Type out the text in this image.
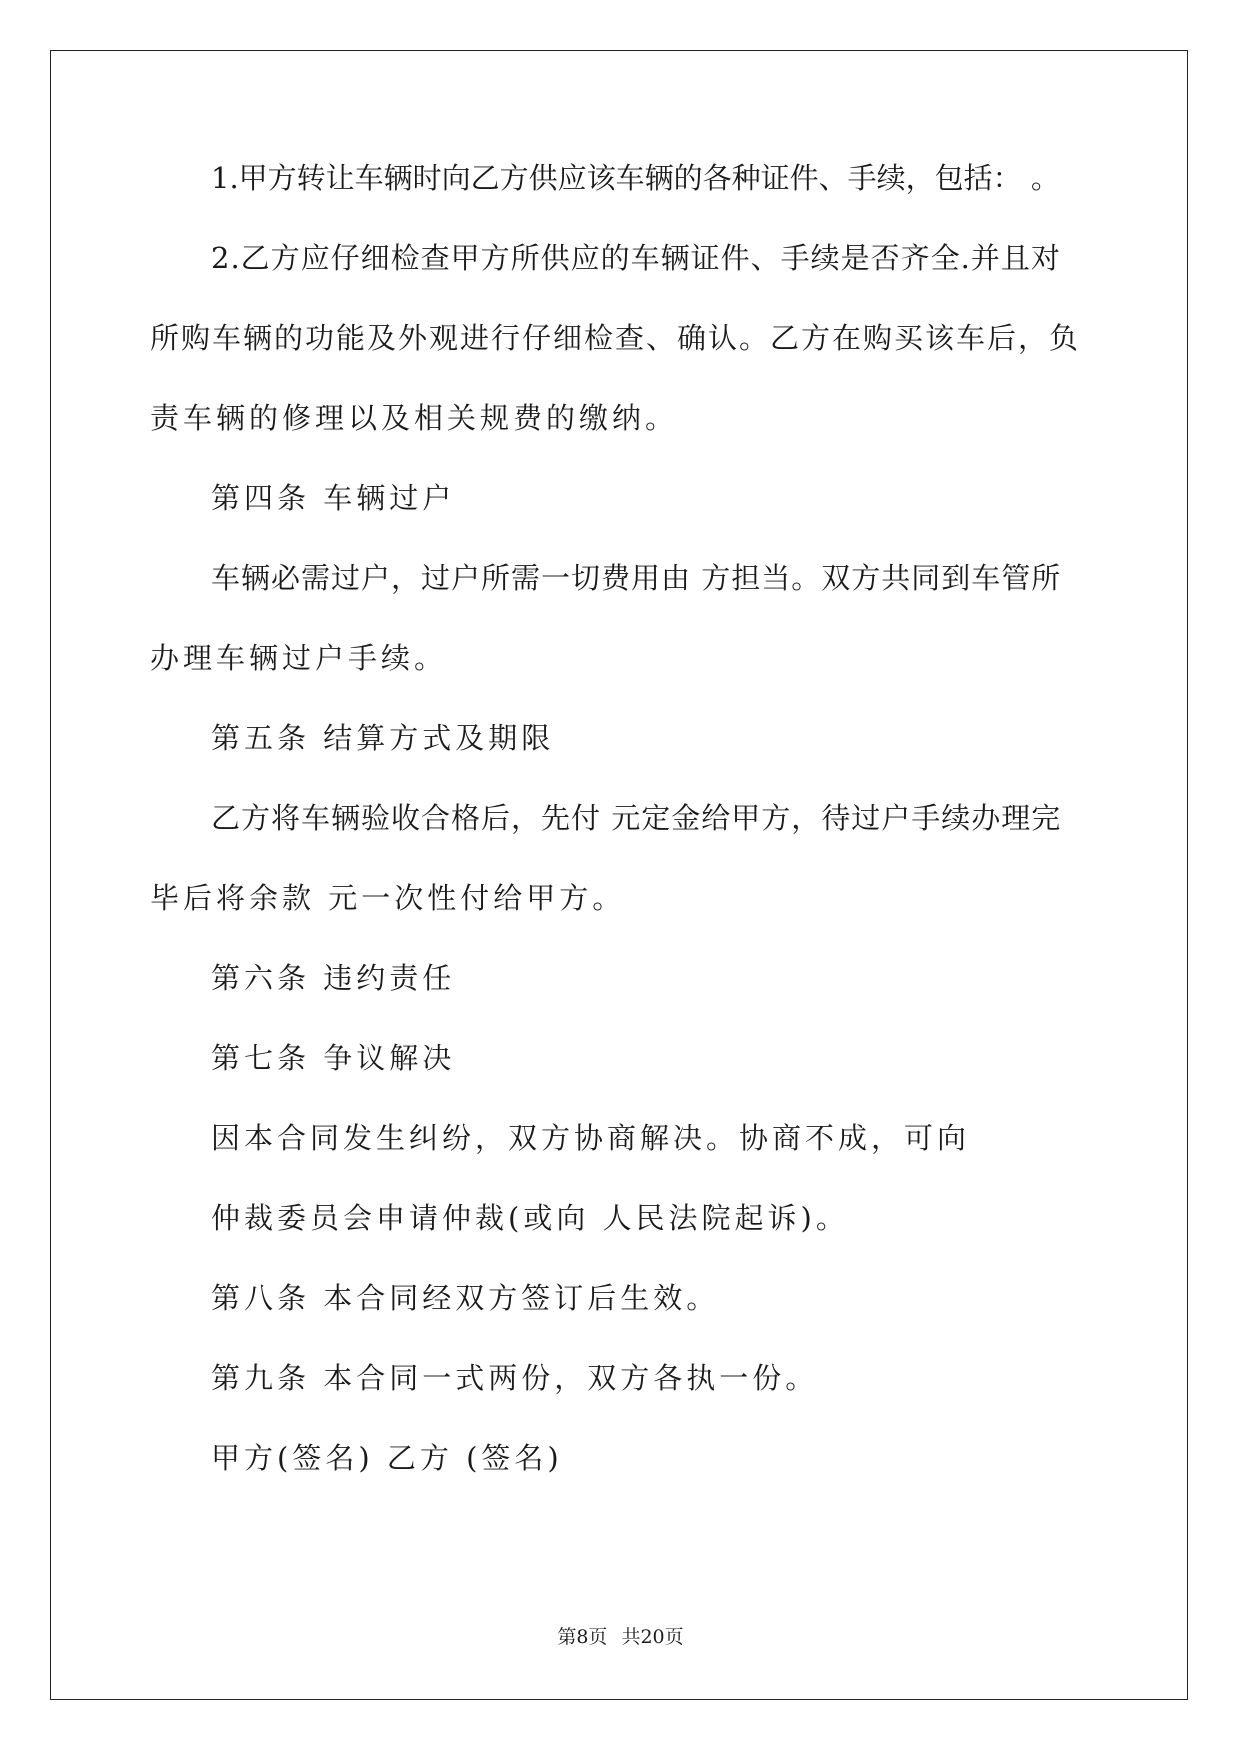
1.甲方转让车辆时向乙方供应该车辆的各种证件、手续，包括： 。
2.乙方应仔细检查甲方所供应的车辆证件、手续是否齐全.并且对
所购车辆的功能及外观进行仔细检查、确认。乙方在购买该车后，负
责车辆的修理以及相关规费的缴纳。
第四条 车辆过户
车辆必需过户，过户所需一切费用由 方担当。双方共同到车管所
办理车辆过户手续。
第五条 结算方式及期限
乙方将车辆验收合格后，先付 元定金给甲方，待过户手续办理完
毕后将余款 元一次性付给甲方。
第六条 违约责任
第七条 争议解决
因本合同发生纠纷，双方协商解决。协商不成，可向
仲裁委员会申请仲裁(或向 人民法院起诉)。
第八条 本合同经双方签订后生效。
第九条 本合同一式两份，双方各执一份。
甲方(签名) 乙方 (签名)
第8页 共20页
